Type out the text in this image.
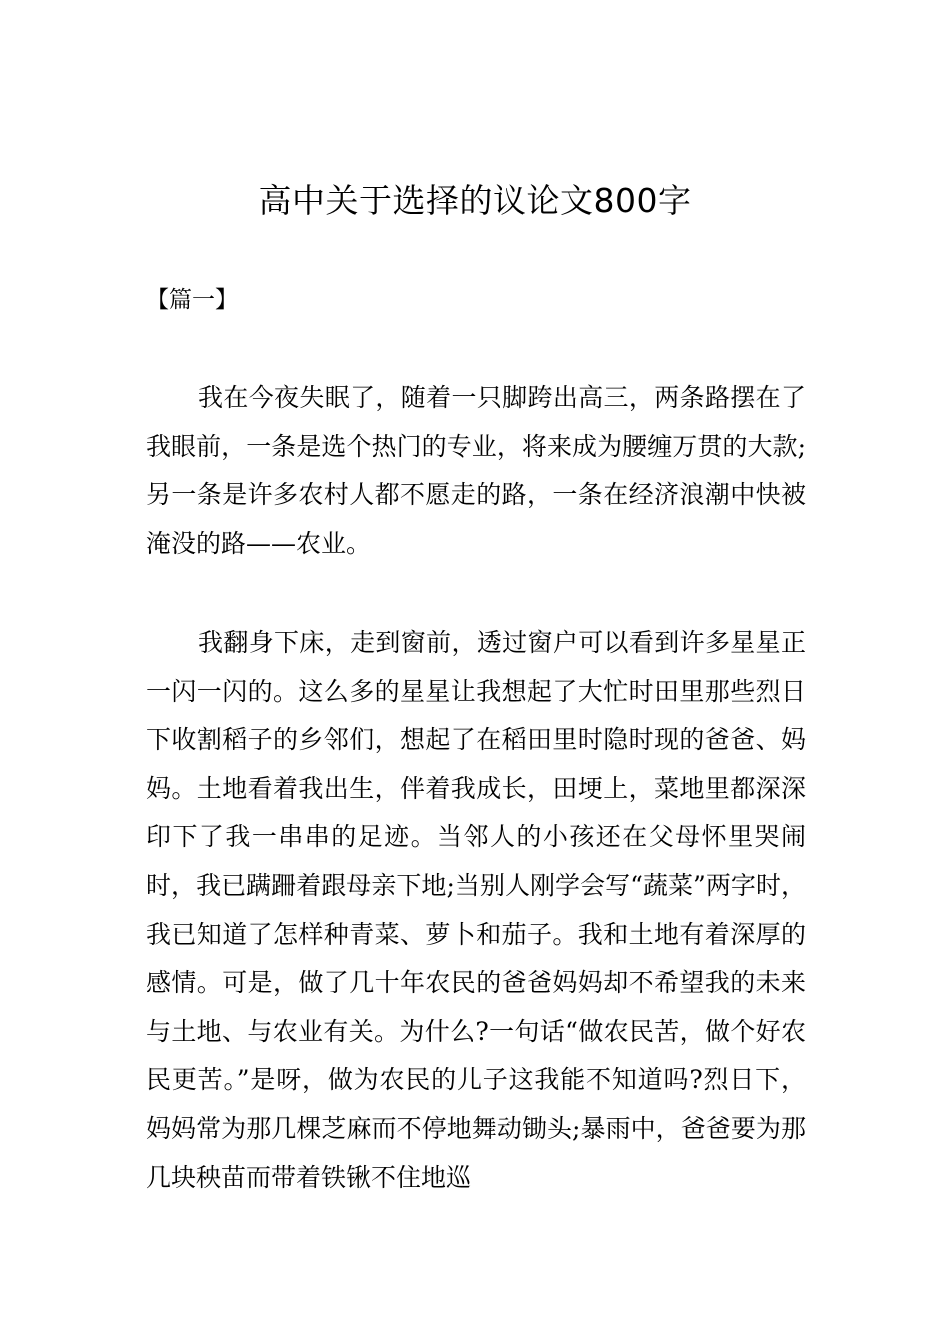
高中关于选择的议论文800字
【篇一】

我在今夜失眠了，随着一只脚跨出高三，两条路摆在了我眼前，一条是选个热门的专业，将来成为腰缠万贯的大款;另一条是许多农村人都不愿走的路，一条在经济浪潮中快被淹没的路——农业。

我翻身下床，走到窗前，透过窗户可以看到许多星星正一闪一闪的。这么多的星星让我想起了大忙时田里那些烈日下收割稻子的乡邻们，想起了在稻田里时隐时现的爸爸、妈妈。土地看着我出生，伴着我成长，田埂上，菜地里都深深印下了我一串串的足迹。当邻人的小孩还在父母怀里哭闹时，我已蹒跚着跟母亲下地;当别人刚学会写“蔬菜”两字时，我已知道了怎样种青菜、萝卜和茄子。我和土地有着深厚的感情。可是，做了几十年农民的爸爸妈妈却不希望我的未来与土地、与农业有关。为什么?一句话“做农民苦，做个好农民更苦。”是呀，做为农民的儿子这我能不知道吗?烈日下，妈妈常为那几棵芝麻而不停地舞动锄头;暴雨中，爸爸要为那几块秧苗而带着铁锹不住地巡
